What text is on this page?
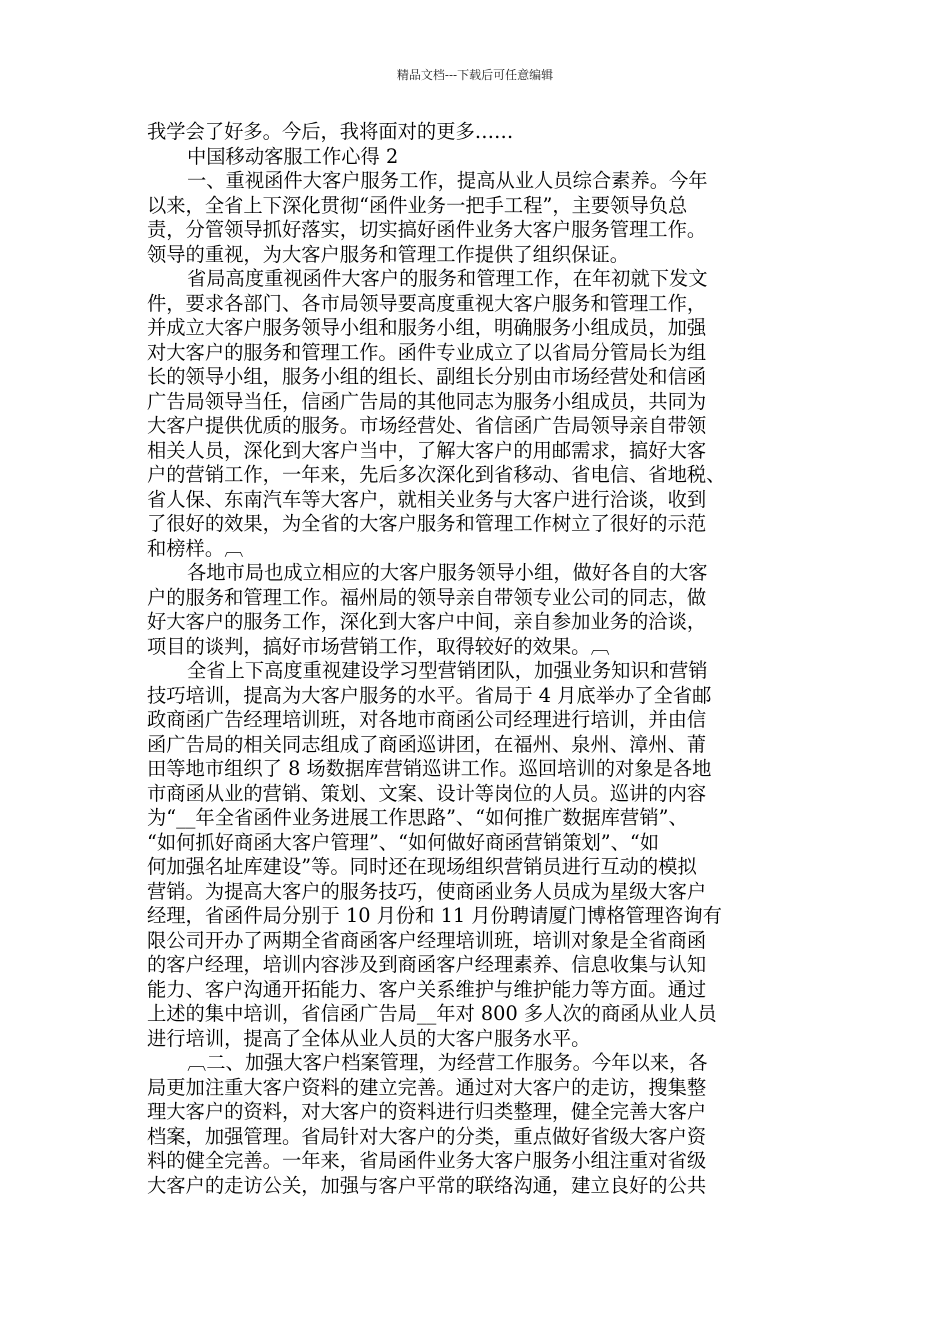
精品文档---下载后可任意编辑
我学会了好多。今后，我将面对的更多……
中国移动客服工作心得 2
一、重视函件大客户服务工作，提高从业人员综合素养。今年
以来，全省上下深化贯彻“函件业务一把手工程”，主要领导负总
责，分管领导抓好落实，切实搞好函件业务大客户服务管理工作。
领导的重视，为大客户服务和管理工作提供了组织保证。
省局高度重视函件大客户的服务和管理工作，在年初就下发文
件，要求各部门、各市局领导要高度重视大客户服务和管理工作，
并成立大客户服务领导小组和服务小组，明确服务小组成员，加强
对大客户的服务和管理工作。函件专业成立了以省局分管局长为组
长的领导小组，服务小组的组长、副组长分别由市场经营处和信函
广告局领导当任，信函广告局的其他同志为服务小组成员，共同为
大客户提供优质的服务。市场经营处、省信函广告局领导亲自带领
相关人员，深化到大客户当中，了解大客户的用邮需求，搞好大客
户的营销工作，一年来，先后多次深化到省移动、省电信、省地税、
省人保、东南汽车等大客户，就相关业务与大客户进行洽谈，收到
了很好的效果，为全省的大客户服务和管理工作树立了很好的示范
和榜样。︹
各地市局也成立相应的大客户服务领导小组，做好各自的大客
户的服务和管理工作。福州局的领导亲自带领专业公司的同志，做
好大客户的服务工作，深化到大客户中间，亲自参加业务的洽谈，
项目的谈判，搞好市场营销工作，取得较好的效果。︹
全省上下高度重视建设学习型营销团队，加强业务知识和营销
技巧培训，提高为大客户服务的水平。省局于 4 月底举办了全省邮
政商函广告经理培训班，对各地市商函公司经理进行培训，并由信
函广告局的相关同志组成了商函巡讲团，在福州、泉州、漳州、莆
田等地市组织了 8 场数据库营销巡讲工作。巡回培训的对象是各地
市商函从业的营销、策划、文案、设计等岗位的人员。巡讲的内容
为“__年全省函件业务进展工作思路”、“如何推广数据库营销”、
“如何抓好商函大客户管理”、“如何做好商函营销策划”、“如
何加强名址库建设”等。同时还在现场组织营销员进行互动的模拟
营销。为提高大客户的服务技巧，使商函业务人员成为星级大客户
经理，省函件局分别于 10 月份和 11 月份聘请厦门博格管理咨询有
限公司开办了两期全省商函客户经理培训班，培训对象是全省商函
的客户经理，培训内容涉及到商函客户经理素养、信息收集与认知
能力、客户沟通开拓能力、客户关系维护与维护能力等方面。通过
上述的集中培训，省信函广告局__年对 800 多人次的商函从业人员
进行培训，提高了全体从业人员的大客户服务水平。
︹二、加强大客户档案管理，为经营工作服务。今年以来，各
局更加注重大客户资料的建立完善。通过对大客户的走访，搜集整
理大客户的资料，对大客户的资料进行归类整理，健全完善大客户
档案，加强管理。省局针对大客户的分类，重点做好省级大客户资
料的健全完善。一年来，省局函件业务大客户服务小组注重对省级
大客户的走访公关，加强与客户平常的联络沟通，建立良好的公共
